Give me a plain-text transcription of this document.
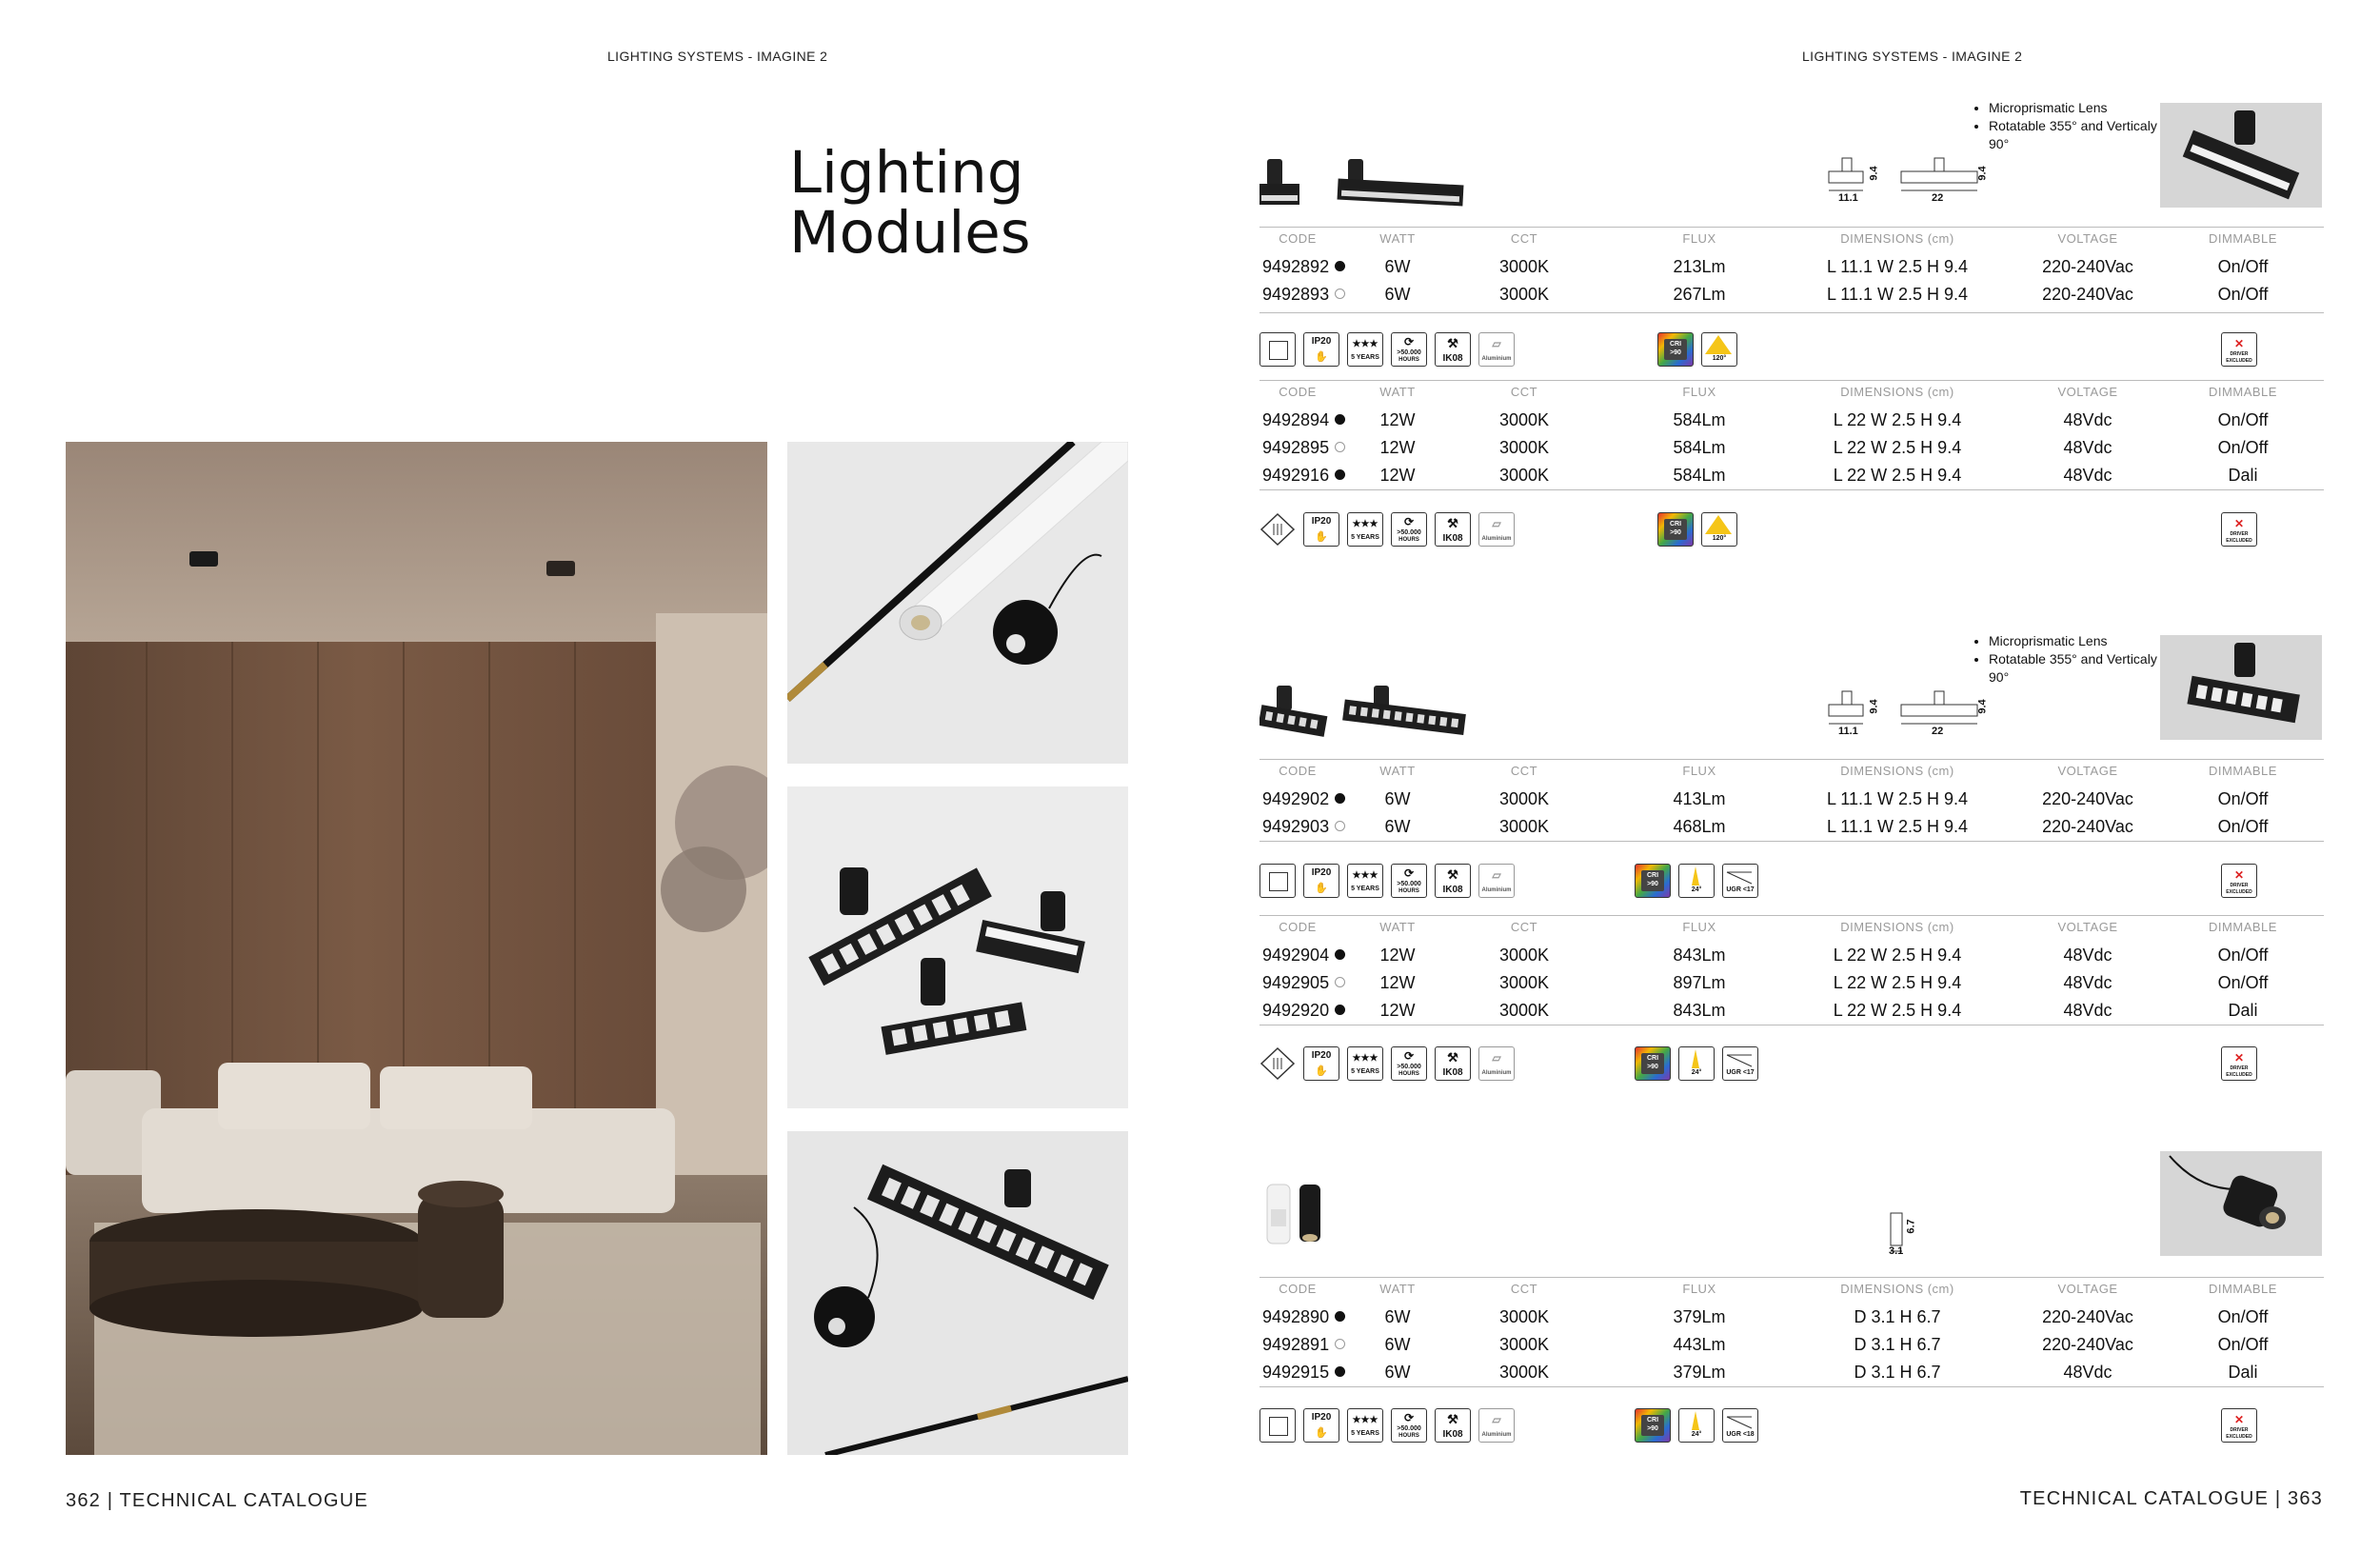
LIGHTING SYSTEMS - IMAGINE 2	LIGHTING SYSTEMS - IMAGINE 2
Lighting
Modules
11.1	22
9.4	9.4
• Microprismatic Lens
• Rotatable 355° and Verticaly 90°
CODE	WATT	CCT	FLUX	DIMENSIONS (cm)	VOLTAGE	DIMMABLE
9492892	6W	3000K	213Lm	L 11.1 W 2.5 H 9.4	220-240Vac	On/Off
9492893	6W	3000K	267Lm	L 11.1 W 2.5 H 9.4	220-240Vac	On/Off
IP20
✋
★★★
5 YEARS
⟳
>50.000
HOURS
⚒
IK08
▱
Aluminium
CRI
>90
120°
✕
DRIVER
EXCLUDED
CODE	WATT	CCT	FLUX	DIMENSIONS (cm)	VOLTAGE	DIMMABLE
9492894	12W	3000K	584Lm	L 22 W 2.5 H 9.4	48Vdc	On/Off
9492895	12W	3000K	584Lm	L 22 W 2.5 H 9.4	48Vdc	On/Off
9492916	12W	3000K	584Lm	L 22 W 2.5 H 9.4	48Vdc	Dali
IP20
✋
★★★
5 YEARS
⟳
>50.000
HOURS
⚒
IK08
▱
Aluminium
CRI
>90
120°
✕
DRIVER
EXCLUDED
11.1	22
9.4	9.4
• Microprismatic Lens
• Rotatable 355° and Verticaly 90°
CODE	WATT	CCT	FLUX	DIMENSIONS (cm)	VOLTAGE	DIMMABLE
9492902	6W	3000K	413Lm	L 11.1 W 2.5 H 9.4	220-240Vac	On/Off
9492903	6W	3000K	468Lm	L 11.1 W 2.5 H 9.4	220-240Vac	On/Off
IP20
✋
★★★
5 YEARS
⟳
>50.000
HOURS
⚒
IK08
▱
Aluminium
CRI
>90
24°	UGR <17
✕
DRIVER
EXCLUDED
CODE	WATT	CCT	FLUX	DIMENSIONS (cm)	VOLTAGE	DIMMABLE
9492904	12W	3000K	843Lm	L 22 W 2.5 H 9.4	48Vdc	On/Off
9492905	12W	3000K	897Lm	L 22 W 2.5 H 9.4	48Vdc	On/Off
9492920	12W	3000K	843Lm	L 22 W 2.5 H 9.4	48Vdc	Dali
IP20
✋
★★★
5 YEARS
⟳
>50.000
HOURS
⚒
IK08
▱
Aluminium
CRI
>90
24°	UGR <17
✕
DRIVER
EXCLUDED
3.1
6.7
CODE	WATT	CCT	FLUX	DIMENSIONS (cm)	VOLTAGE	DIMMABLE
9492890	6W	3000K	379Lm	D 3.1 H 6.7	220-240Vac	On/Off
9492891	6W	3000K	443Lm	D 3.1 H 6.7	220-240Vac	On/Off
9492915	6W	3000K	379Lm	D 3.1 H 6.7	48Vdc	Dali
IP20
✋
★★★
5 YEARS
⟳
>50.000
HOURS
⚒
IK08
▱
Aluminium
CRI
>90
24°	UGR <18
✕
DRIVER
EXCLUDED
362 | TECHNICAL CATALOGUE	TECHNICAL CATALOGUE | 363
